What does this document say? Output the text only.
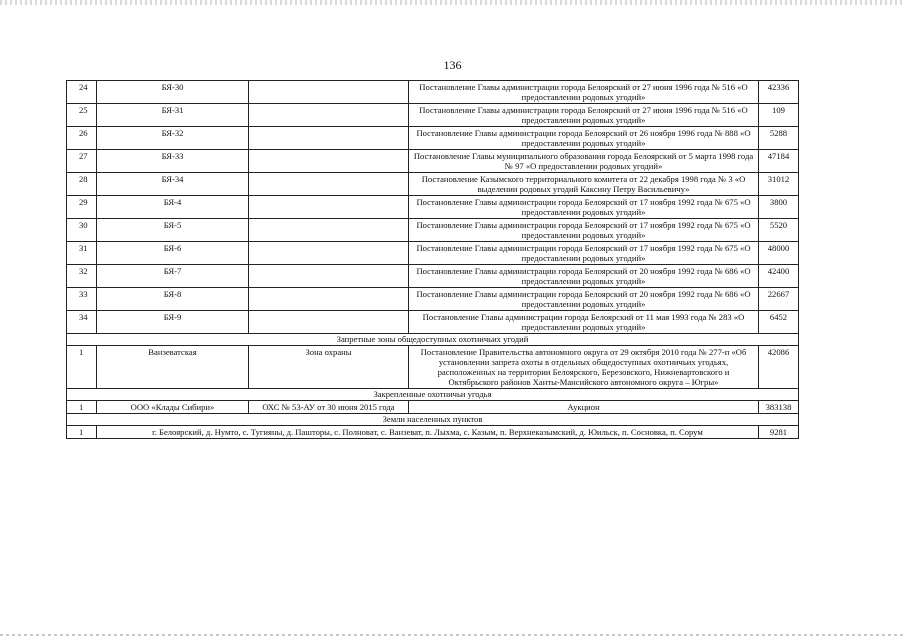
136
24	БЯ-30		Постановление Главы администрации города Белоярский от 27 июня 1996 года № 516 «О предоставлении родовых угодий»	42336
25	БЯ-31		Постановление Главы администрации города Белоярский от 27 июня 1996 года № 516 «О предоставлении родовых угодий»	109
26	БЯ-32		Постановление Главы администрации города Белоярский от 26 ноября 1996 года № 888 «О предоставлении родовых угодий»	5288
27	БЯ-33		Постановление Главы муниципального образования города Белоярский от 5 марта 1998 года № 97 «О предоставлении родовых угодий»	47184
28	БЯ-34		Постановление Казымского территориального комитета от 22 декабря 1998 года № 3 «О выделении родовых угодий Каксину Петру Васильевичу»	31012
29	БЯ-4		Постановление Главы администрации города Белоярский от 17 ноября 1992 года № 675 «О предоставлении родовых угодий»	3800
30	БЯ-5		Постановление Главы администрации города Белоярский от 17 ноября 1992 года № 675 «О предоставлении родовых угодий»	5520
31	БЯ-6		Постановление Главы администрации города Белоярский от 17 ноября 1992 года № 675 «О предоставлении родовых угодий»	48000
32	БЯ-7		Постановление Главы администрации города Белоярский от 20 ноября 1992 года № 686 «О предоставлении родовых угодий»	42400
33	БЯ-8		Постановление Главы администрации города Белоярский от 20 ноября 1992 года № 686 «О предоставлении родовых угодий»	22667
34	БЯ-9		Постановление Главы администрации города Белоярский от 11 мая 1993 года № 283 «О предоставлении родовых угодий»	6452
Запретные зоны общедоступных охотничьих угодий				
1	Ванзеватская	Зона охраны	Постановление Правительства автономного округа от 29 октября 2010 года № 277-п «Об установлении запрета охоты в отдельных общедоступных охотничьих угодьях, расположенных на территории Белоярского, Березовского, Нижневартовского и Октябрьского районов Ханты-Мансийского автономного округа – Югры»	42086
Закрепленные охотничьи угодья				
1	ООО «Клады Сибири»	ОХС № 53-АУ от 30 июня 2015 года	Аукцион	383138
Земли населенных пунктов				
1	г. Белоярский, д. Нумто, с. Тугияны, д. Пашторы, с. Полноват, с. Ванзеват, п. Лыхма, с. Казым, п. Верхнеказымский, д. Юильск, п. Сосновка, п. Сорум			9281
